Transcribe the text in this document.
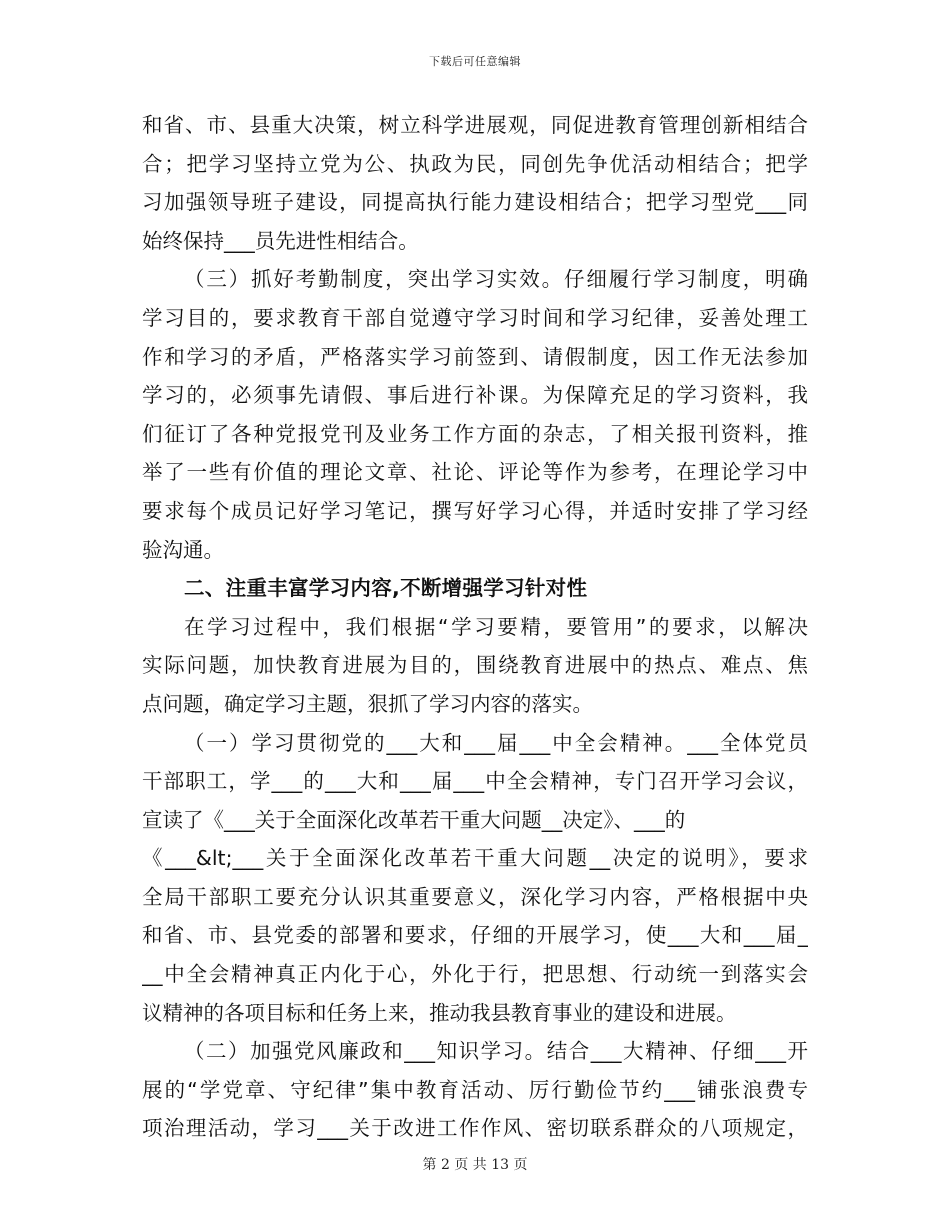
下载后可任意编辑

和省、市、县重大决策，树立科学进展观，同促进教育管理创新相结合
合；把学习坚持立党为公、执政为民，同创先争优活动相结合；把学
习加强领导班子建设，同提高执行能力建设相结合；把学习型党___同
始终保持___员先进性相结合。

（三）抓好考勤制度，突出学习实效。仔细履行学习制度，明确
学习目的，要求教育干部自觉遵守学习时间和学习纪律，妥善处理工
作和学习的矛盾，严格落实学习前签到、请假制度，因工作无法参加
学习的，必须事先请假、事后进行补课。为保障充足的学习资料，我
们征订了各种党报党刊及业务工作方面的杂志，了相关报刊资料，推
举了一些有价值的理论文章、社论、评论等作为参考，在理论学习中
要求每个成员记好学习笔记，撰写好学习心得，并适时安排了学习经
验沟通。

二、注重丰富学习内容,不断增强学习针对性

在学习过程中，我们根据“学习要精，要管用”的要求，以解决
实际问题，加快教育进展为目的，围绕教育进展中的热点、难点、焦
点问题，确定学习主题，狠抓了学习内容的落实。

（一）学习贯彻党的___大和___届___中全会精神。___全体党员
干部职工，学___的___大和___届___中全会精神，专门召开学习会议，
宣读了《___关于全面深化改革若干重大问题__决定》、___的
《___&lt;___关于全面深化改革若干重大问题__决定的说明》，要求
全局干部职工要充分认识其重要意义，深化学习内容，严格根据中央
和省、市、县党委的部署和要求，仔细的开展学习，使___大和___届_
__中全会精神真正内化于心，外化于行，把思想、行动统一到落实会
议精神的各项目标和任务上来，推动我县教育事业的建设和进展。

（二）加强党风廉政和___知识学习。结合___大精神、仔细___开
展的“学党章、守纪律”集中教育活动、厉行勤俭节约___铺张浪费专
项治理活动，学习___关于改进工作作风、密切联系群众的八项规定，

第 2 页 共 13 页
